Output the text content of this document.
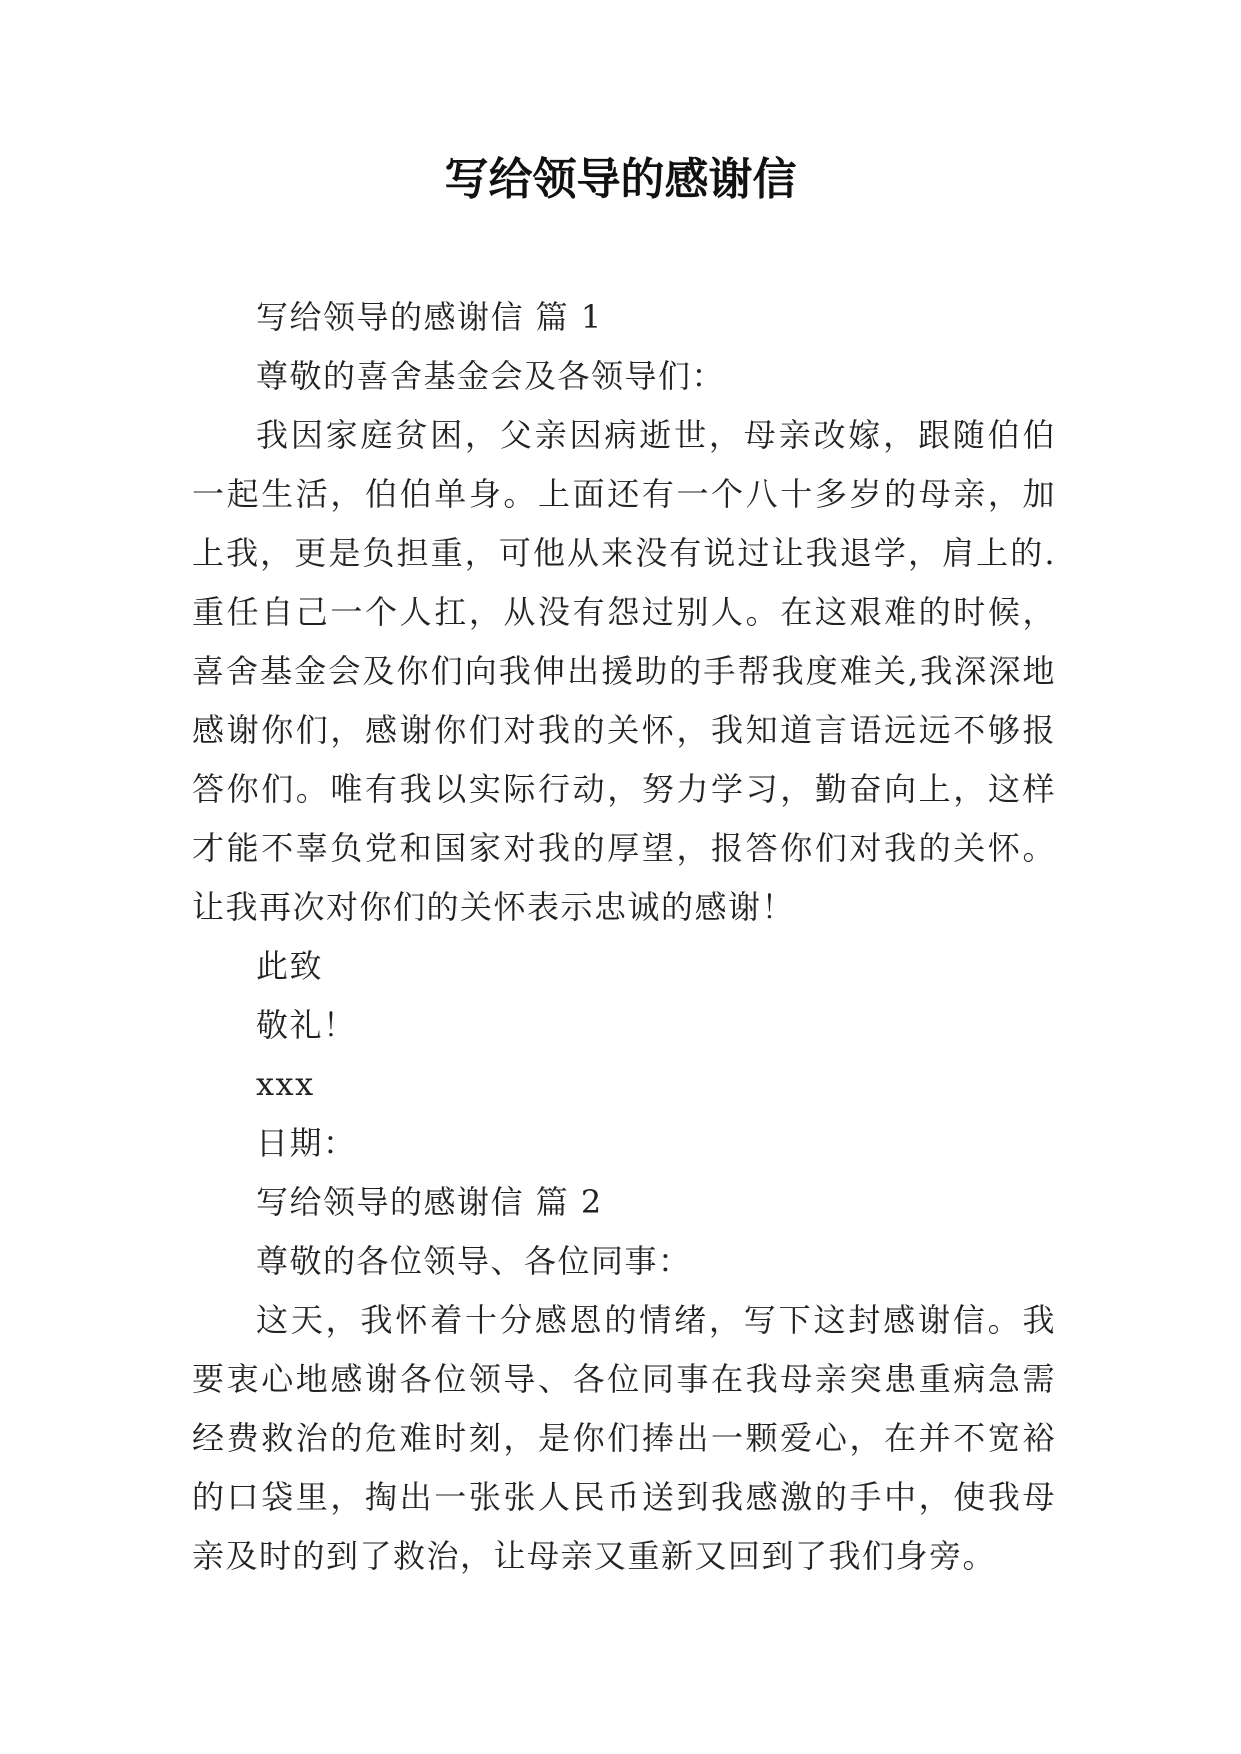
写给领导的感谢信

写给领导的感谢信 篇 1

尊敬的喜舍基金会及各领导们：

我因家庭贫困，父亲因病逝世，母亲改嫁，跟随伯伯一起生活，伯伯单身。上面还有一个八十多岁的母亲，加上我，更是负担重，可他从来没有说过让我退学，肩上的.重任自己一个人扛，从没有怨过别人。在这艰难的时候，喜舍基金会及你们向我伸出援助的手帮我度难关,我深深地感谢你们，感谢你们对我的关怀，我知道言语远远不够报答你们。唯有我以实际行动，努力学习，勤奋向上，这样才能不辜负党和国家对我的厚望，报答你们对我的关怀。让我再次对你们的关怀表示忠诚的感谢！

此致

敬礼！

xxx

日期：

写给领导的感谢信 篇 2

尊敬的各位领导、各位同事：

这天，我怀着十分感恩的情绪，写下这封感谢信。我要衷心地感谢各位领导、各位同事在我母亲突患重病急需经费救治的危难时刻，是你们捧出一颗爱心，在并不宽裕的口袋里，掏出一张张人民币送到我感激的手中，使我母亲及时的到了救治，让母亲又重新又回到了我们身旁。
